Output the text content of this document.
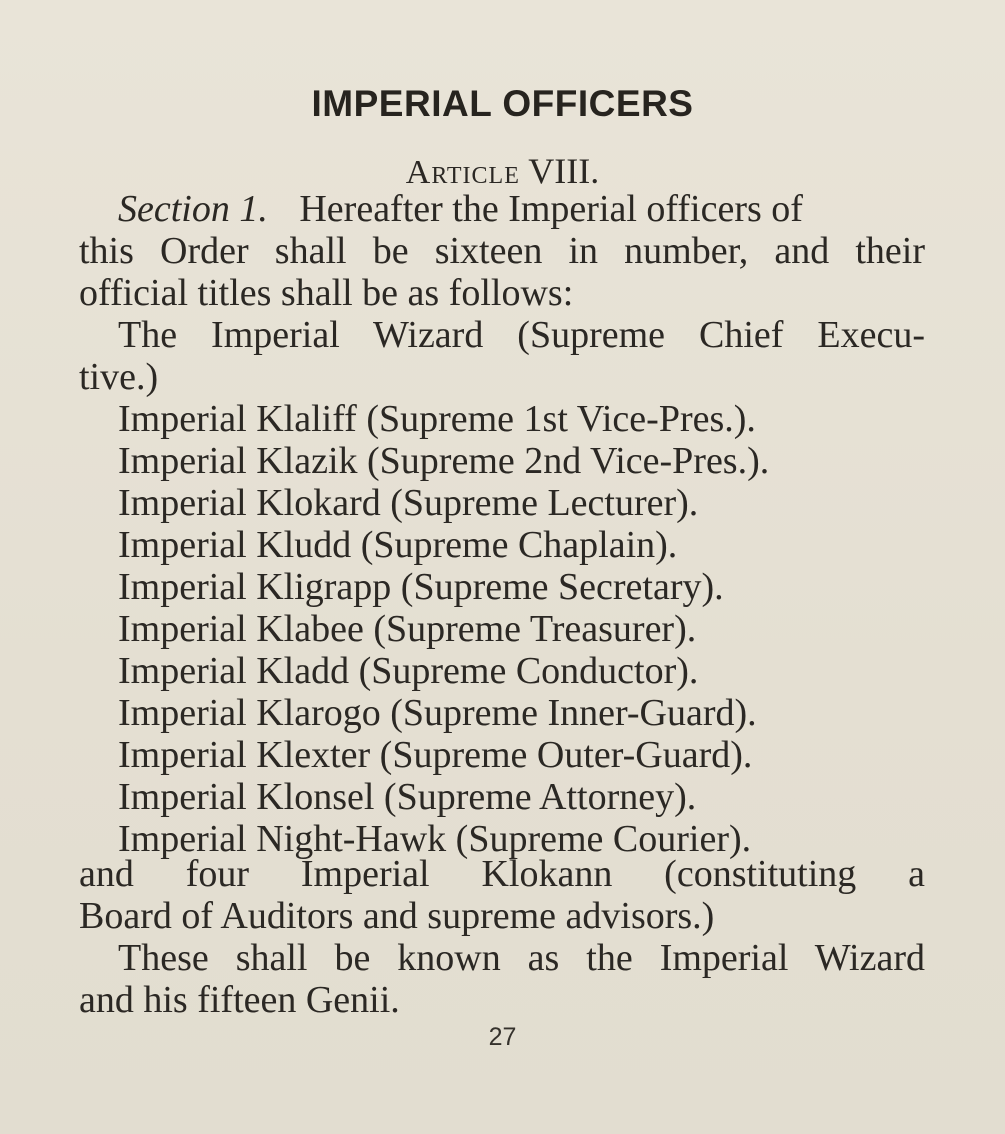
IMPERIAL OFFICERS
Article VIII.
Section 1. Hereafter the Imperial officers of
this Order shall be sixteen in number, and their
official titles shall be as follows:
The Imperial Wizard (Supreme Chief Execu-
tive.)
Imperial Klaliff (Supreme 1st Vice-Pres.).
Imperial Klazik (Supreme 2nd Vice-Pres.).
Imperial Klokard (Supreme Lecturer).
Imperial Kludd (Supreme Chaplain).
Imperial Kligrapp (Supreme Secretary).
Imperial Klabee (Supreme Treasurer).
Imperial Kladd (Supreme Conductor).
Imperial Klarogo (Supreme Inner-Guard).
Imperial Klexter (Supreme Outer-Guard).
Imperial Klonsel (Supreme Attorney).
Imperial Night-Hawk (Supreme Courier).
and four Imperial Klokann (constituting a
Board of Auditors and supreme advisors.)
These shall be known as the Imperial Wizard
and his fifteen Genii.
27
